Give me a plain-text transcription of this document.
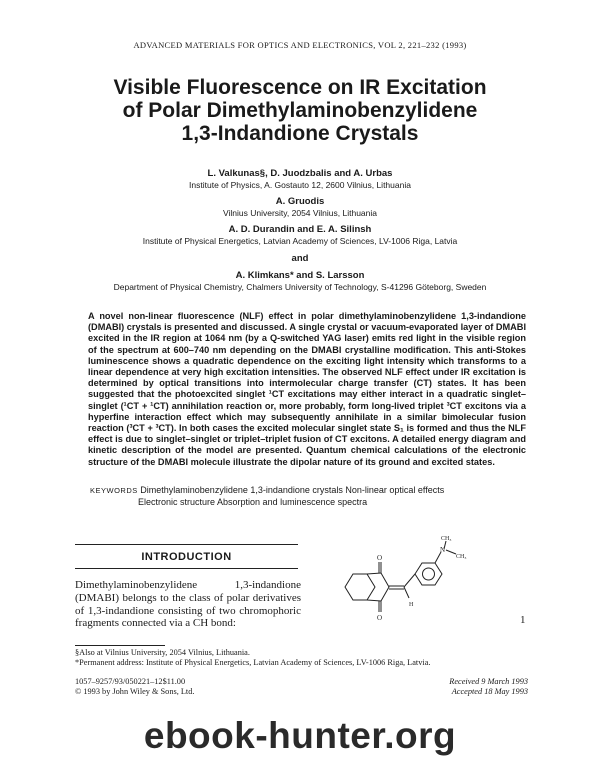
ADVANCED MATERIALS FOR OPTICS AND ELECTRONICS, VOL 2, 221–232 (1993)
Visible Fluorescence on IR Excitation
of Polar Dimethylaminobenzylidene
1,3-Indandione Crystals
L. Valkunas§, D. Juodzbalis and A. Urbas
Institute of Physics, A. Gostauto 12, 2600 Vilnius, Lithuania
A. Gruodis
Vilnius University, 2054 Vilnius, Lithuania
A. D. Durandin and E. A. Silinsh
Institute of Physical Energetics, Latvian Academy of Sciences, LV-1006 Riga, Latvia
and
A. Klimkans* and S. Larsson
Department of Physical Chemistry, Chalmers University of Technology, S-41296 Göteborg, Sweden
A novel non-linear fluorescence (NLF) effect in polar dimethylaminobenzylidene 1,3-indandione (DMABI) crystals is presented and discussed. A single crystal or vacuum-evaporated layer of DMABI excited in the IR region at 1064 nm (by a Q-switched YAG laser) emits red light in the visible region of the spectrum at 600–740 nm depending on the DMABI crystalline modification. This anti-Stokes luminescence shows a quadratic dependence on the exciting light intensity which transforms to a linear dependence at very high excitation intensities. The observed NLF effect under IR excitation is determined by optical transitions into intermolecular charge transfer (CT) states. It has been suggested that the photoexcited singlet ¹CT excitations may either interact in a quadratic singlet–singlet (¹CT + ¹CT) annihilation reaction or, more probably, form long-lived triplet ³CT excitons via a hyperfine interaction effect which may subsequently annihilate in a similar bimolecular fusion reaction (³CT + ³CT). In both cases the excited molecular singlet state S₁ is formed and thus the NLF effect is due to singlet–singlet or triplet–triplet fusion of CT excitons. A detailed energy diagram and kinetic description of the model are presented. Quantum chemical calculations of the electronic structure of the DMABI molecule illustrate the dipolar nature of its ground and excited states.
KEYWORDS Dimethylaminobenzylidene 1,3-indandione crystals Non-linear optical effects
Electronic structure Absorption and luminescence spectra
INTRODUCTION
Dimethylaminobenzylidene 1,3-indandione (DMABI) belongs to the class of polar derivatives of 1,3-indandione consisting of two chromophoric fragments connected via a CH bond:
CH₃
N
CH₃
H
O
O	1
§Also at Vilnius University, 2054 Vilnius, Lithuania.
*Permanent address: Institute of Physical Energetics, Latvian Academy of Sciences, LV-1006 Riga, Latvia.
1057–9257/93/050221–12$11.00
© 1993 by John Wiley & Sons, Ltd.
Received 9 March 1993
Accepted 18 May 1993
ebook-hunter.org
